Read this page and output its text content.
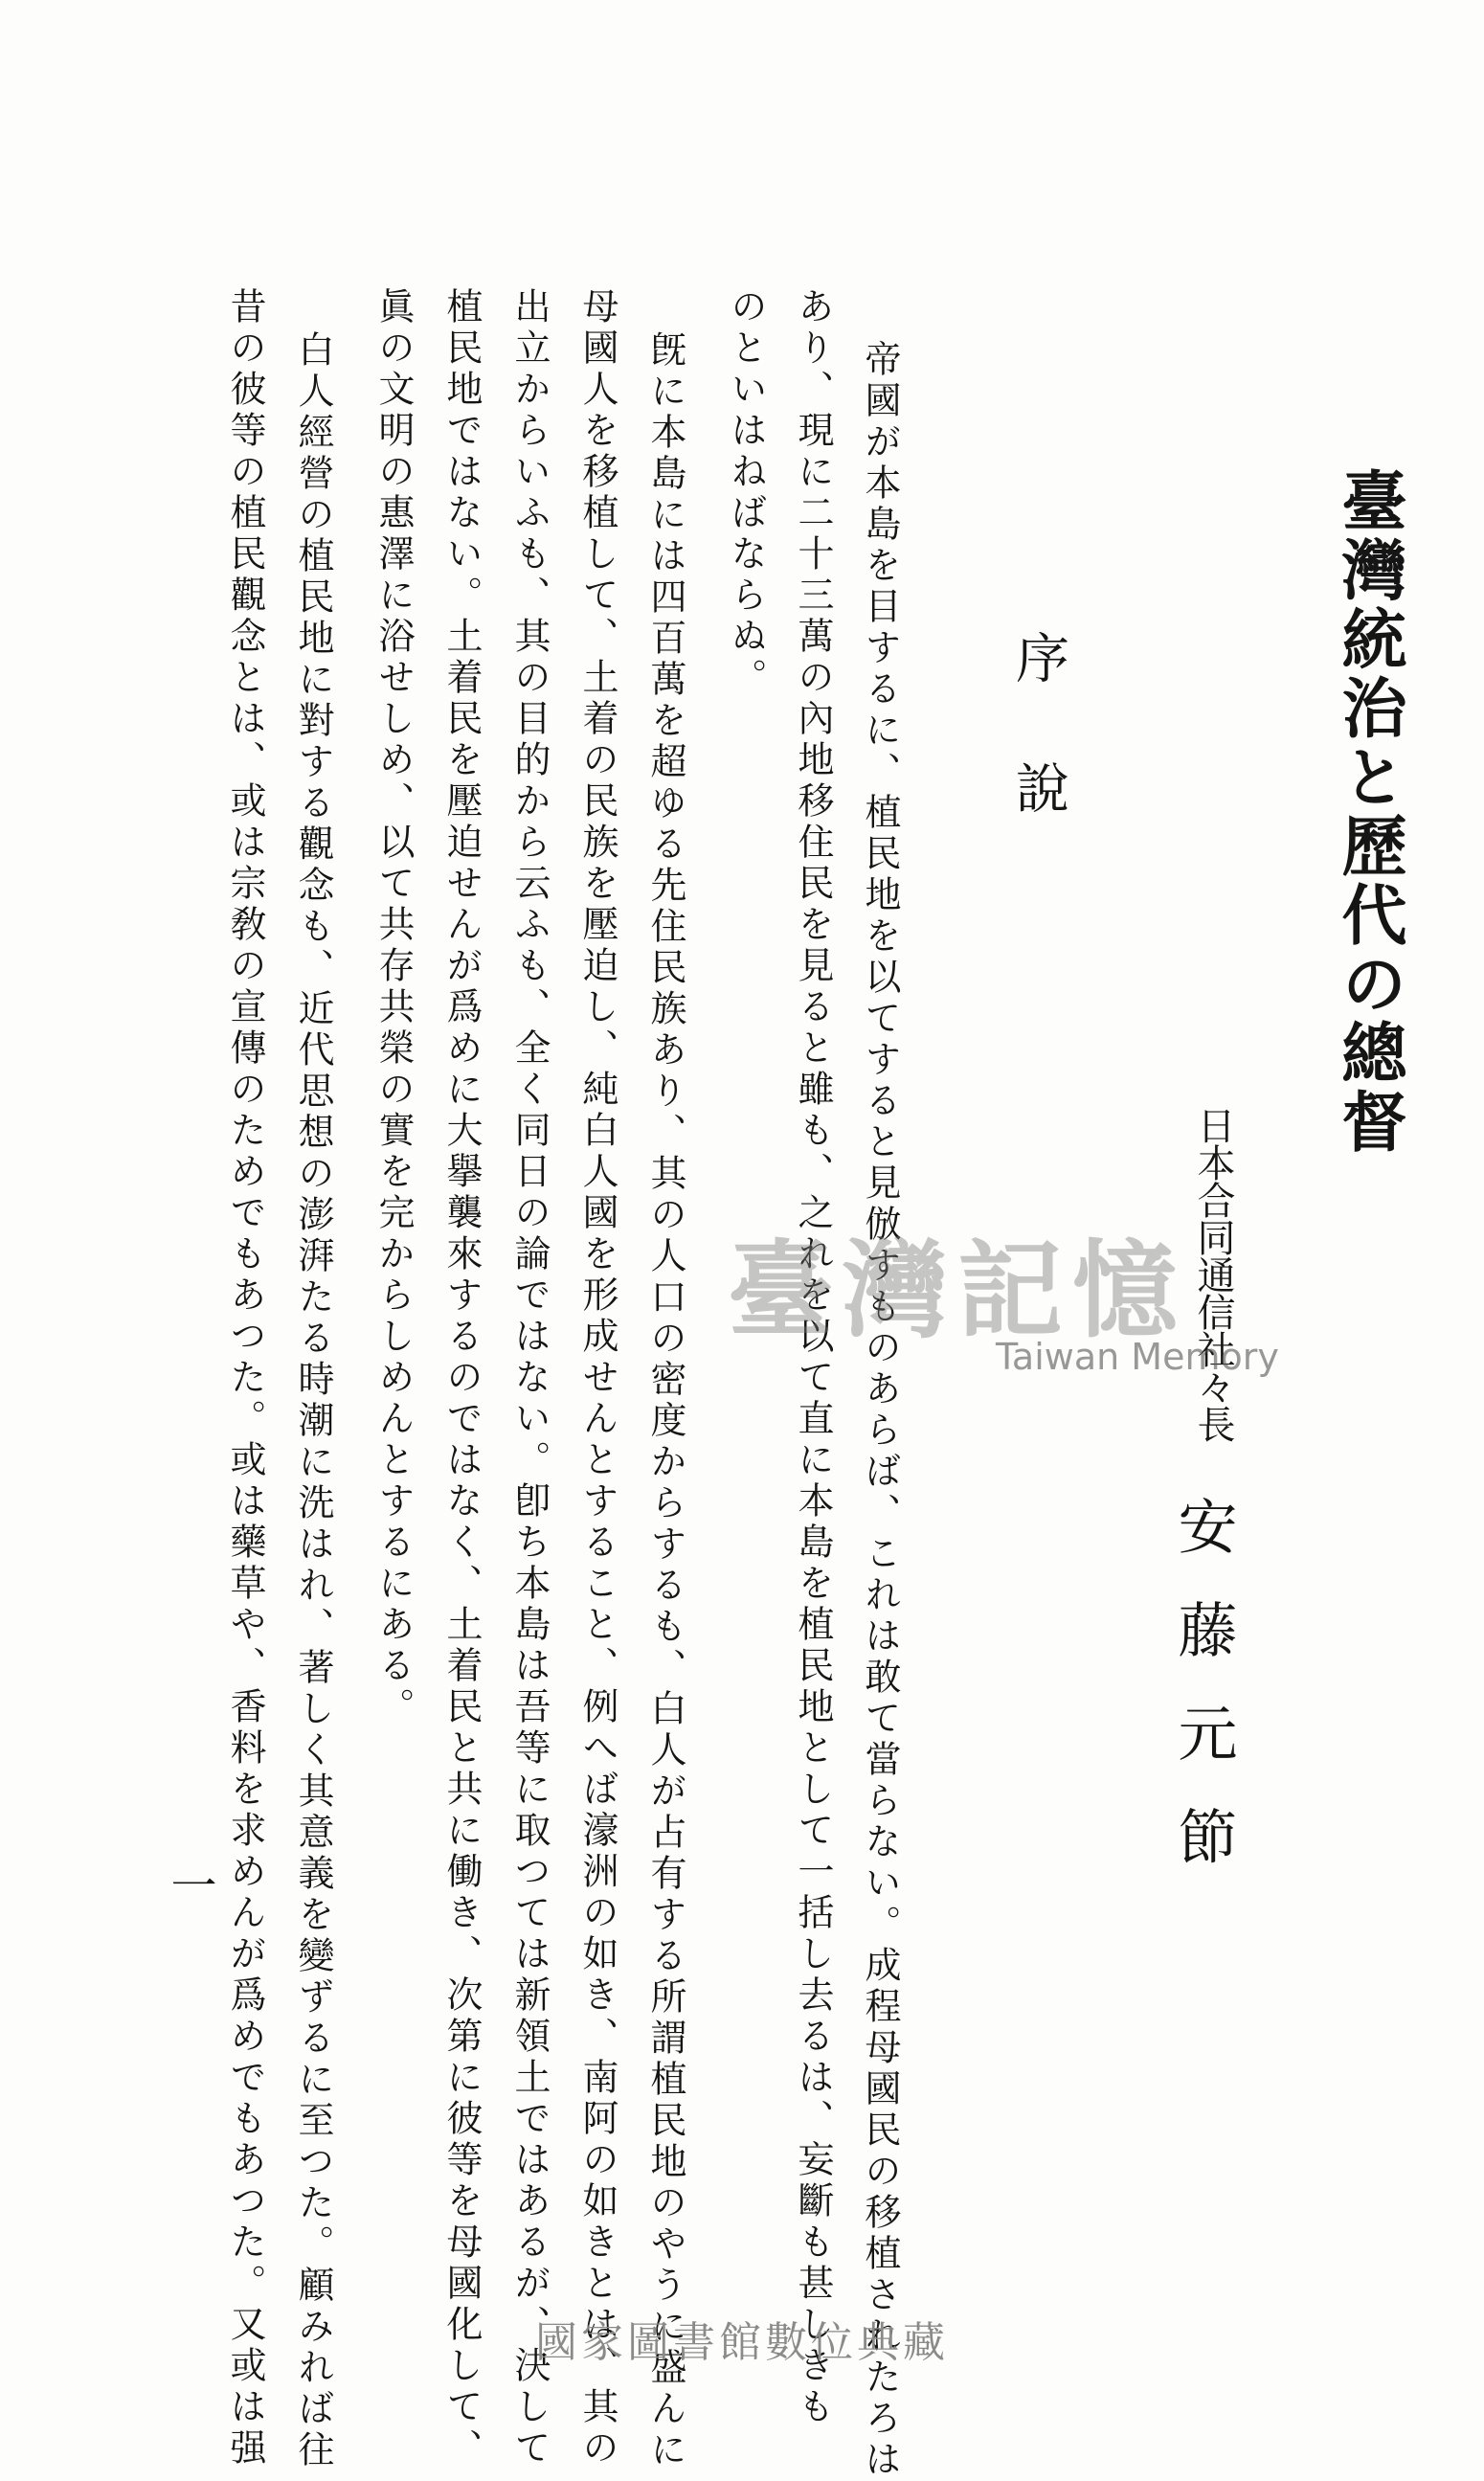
臺灣統治と歷代の總督
日本合同通信社々長
安藤元節
序說
帝國が本島を目するに、植民地を以てすると見倣すものあらば、これは敢て當らない。成程母國民の移植されたろは
あり、現に二十三萬の內地移住民を見ると雖も、之れを以て直に本島を植民地として一括し去るは、妄斷も甚しきも
のといはねばならぬ。
旣に本島には四百萬を超ゆる先住民族あり、其の人口の密度からするも、白人が占有する所謂植民地のやうに盛んに
母國人を移植して、土着の民族を壓迫し、純白人國を形成せんとすること、例へば濠洲の如き、南阿の如きとは、其の
出立からいふも、其の目的から云ふも、全く同日の論ではない。卽ち本島は吾等に取つては新領土ではあるが、決して
植民地ではない。土着民を壓迫せんが爲めに大擧襲來するのではなく、土着民と共に働き、次第に彼等を母國化して、
眞の文明の惠澤に浴せしめ、以て共存共榮の實を完からしめんとするにある。
白人經營の植民地に對する觀念も、近代思想の澎湃たる時潮に洗はれ、著しく其意義を變ずるに至つた。顧みれば往
昔の彼等の植民觀念とは、或は宗敎の宣傳のためでもあつた。或は藥草や、香料を求めんが爲めでもあつた。又或は强
一
臺灣記憶
Taiwan Memory
國家圖書館數位典藏
